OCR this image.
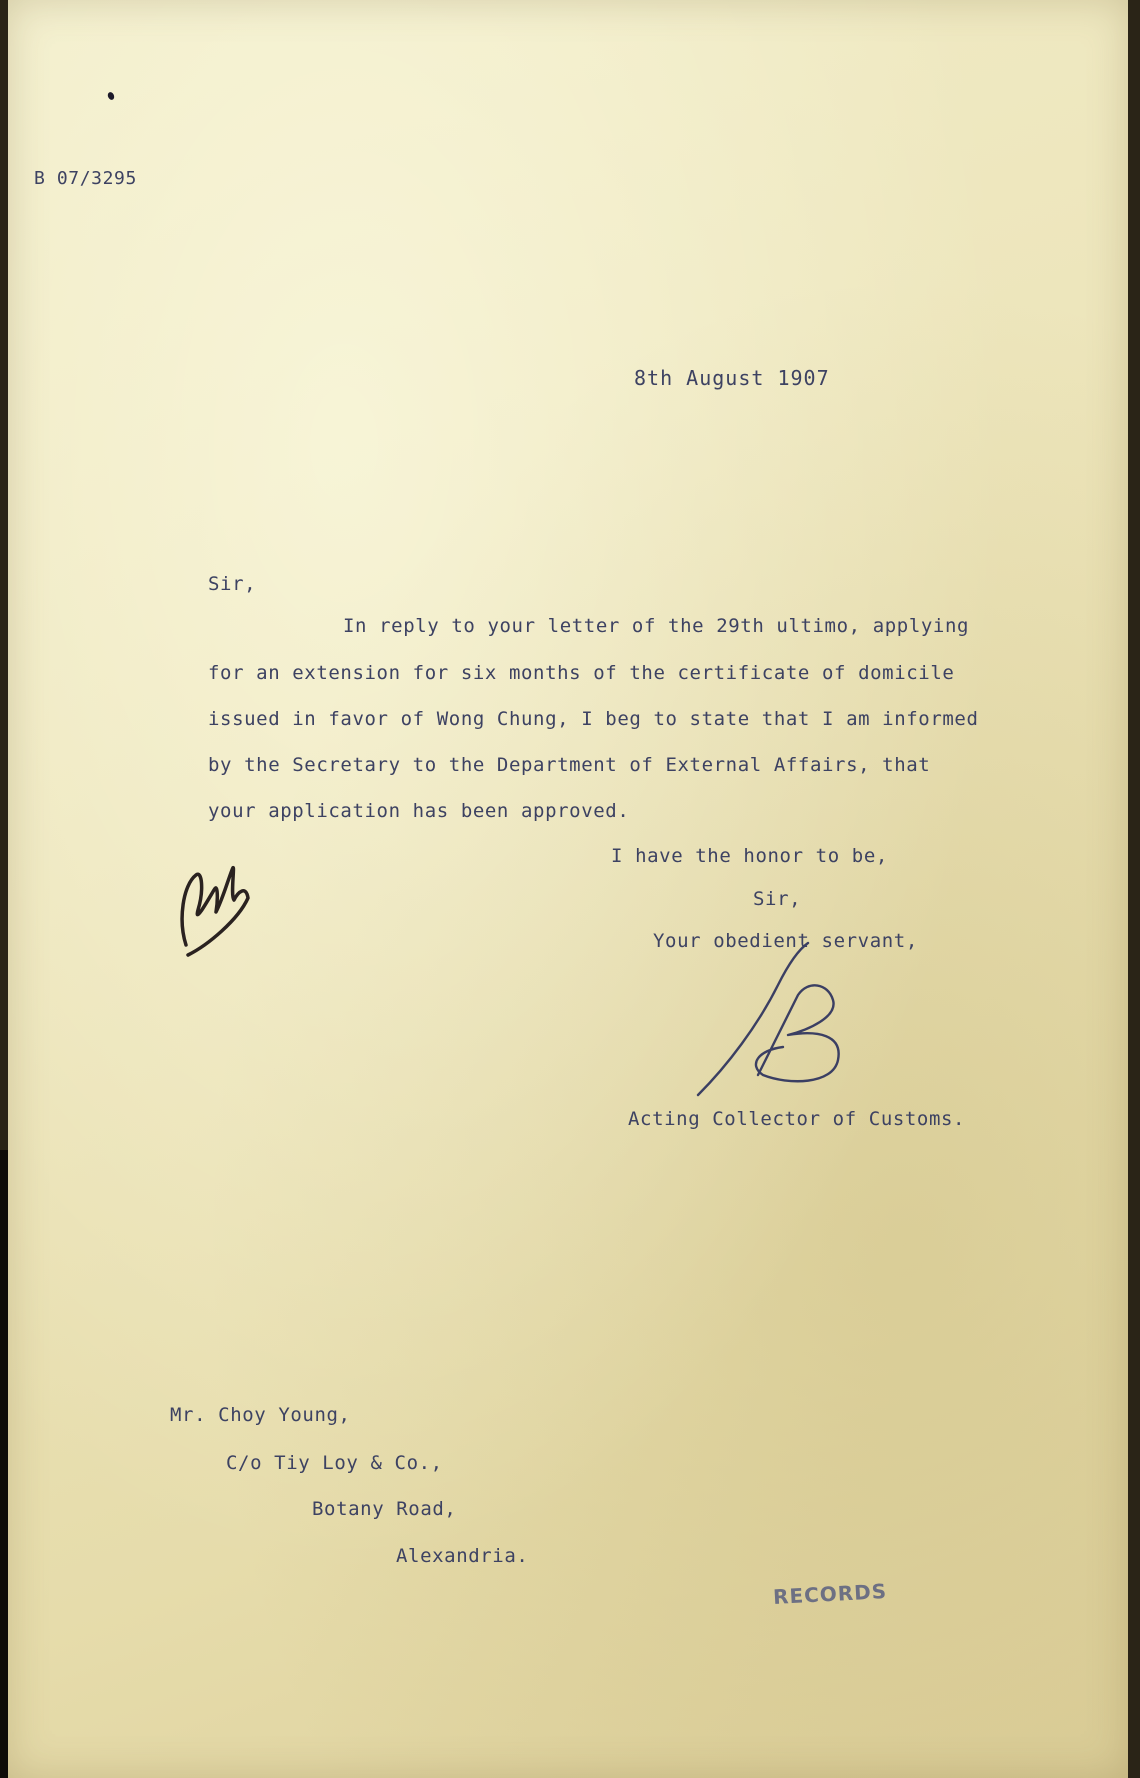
B 07/3295
8th August 1907
Sir,
In reply to your letter of the 29th ultimo, applying
for an extension for six months of the certificate of domicile
issued in favor of Wong Chung, I beg to state that I am informed
by the Secretary to the Department of External Affairs, that
your application has been approved.
I have the honor to be,
Sir,
Your obedient servant,
Acting Collector of Customs.
Mr. Choy Young,
C/o Tiy Loy & Co.,
Botany Road,
Alexandria.
RECORDS
